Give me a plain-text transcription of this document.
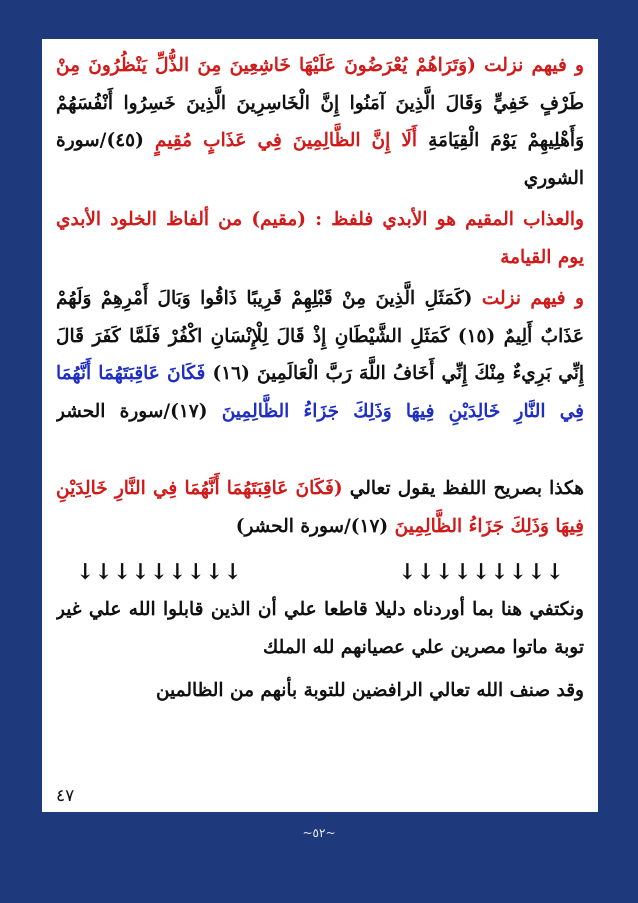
و فيهم نزلت (وَتَرَاهُمْ يُعْرَضُونَ عَلَيْهَا خَاشِعِينَ مِنَ الذُّلِّ يَنْظُرُونَ مِنْ
طَرْفٍ خَفِيٍّ وَقَالَ الَّذِينَ آمَنُوا إِنَّ الْخَاسِرِينَ الَّذِينَ خَسِرُوا أَنْفُسَهُمْ
وَأَهْلِيهِمْ يَوْمَ الْقِيَامَةِ أَلَا إِنَّ الظَّالِمِينَ فِي عَذَابٍ مُقِيمٍ (٤٥)/سورة
الشوري
والعذاب المقيم هو الأبدي فلفظ : (مقيم) من ألفاظ الخلود الأبدي
يوم القيامة
و فيهم نزلت (كَمَثَلِ الَّذِينَ مِنْ قَبْلِهِمْ قَرِيبًا ذَاقُوا وَبَالَ أَمْرِهِمْ وَلَهُمْ
عَذَابٌ أَلِيمٌ (١٥) كَمَثَلِ الشَّيْطَانِ إِذْ قَالَ لِلْإِنْسَانِ اكْفُرْ فَلَمَّا كَفَرَ قَالَ
إِنِّي بَرِيءٌ مِنْكَ إِنِّي أَخَافُ اللَّهَ رَبَّ الْعَالَمِينَ (١٦) فَكَانَ عَاقِبَتَهُمَا أَنَّهُمَا
فِي النَّارِ خَالِدَيْنِ فِيهَا وَذَلِكَ جَزَاءُ الظَّالِمِينَ (١٧)/سورة الحشر
هكذا بصريح اللفظ يقول تعالي (فَكَانَ عَاقِبَتَهُمَا أَنَّهُمَا فِي النَّارِ خَالِدَيْنِ
فِيهَا وَذَلِكَ جَزَاءُ الظَّالِمِينَ (١٧)/سورة الحشر)
↓↓↓↓↓↓↓↓↓
↓↓↓↓↓↓↓↓↓
ونكتفي هنا بما أوردناه دليلا قاطعا علي أن الذين قابلوا الله علي غير
توبة ماتوا مصرين علي عصيانهم لله الملك
وقد صنف الله تعالي الرافضين للتوبة بأنهم من الظالمين
٤٧
~٥٢~
